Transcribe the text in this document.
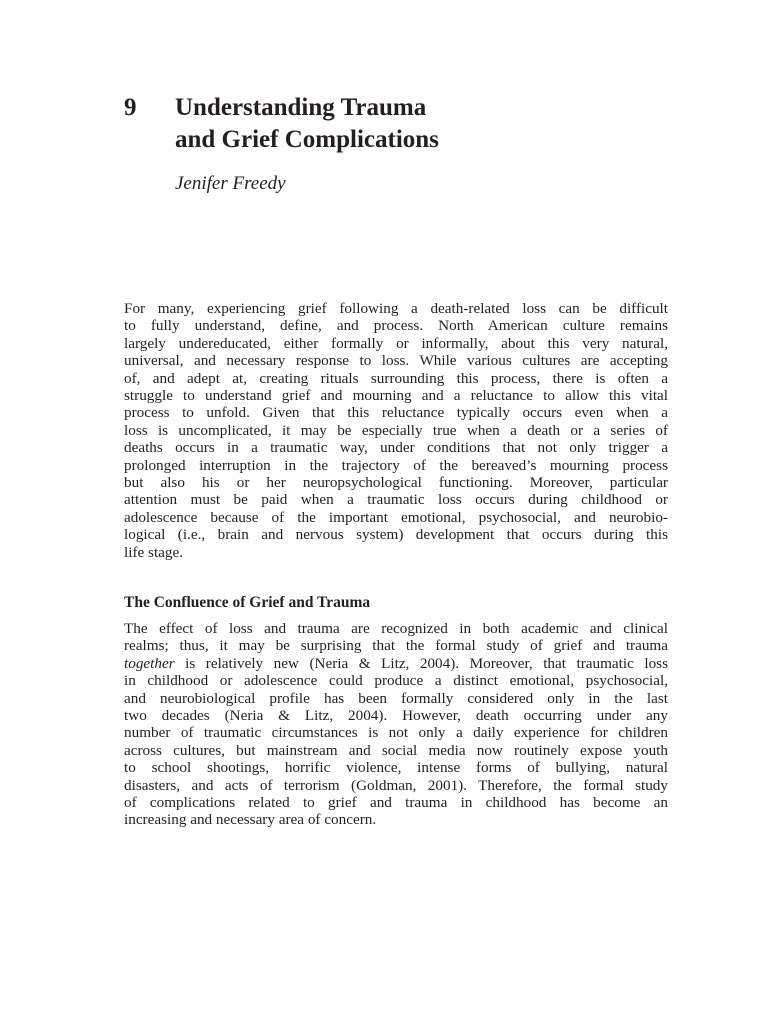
9	Understanding Trauma
and Grief Complications
Jenifer Freedy
For many, experiencing grief following a death-related loss can be difficult
to fully understand, define, and process. North American culture remains
largely undereducated, either formally or informally, about this very natural,
universal, and necessary response to loss. While various cultures are accepting
of, and adept at, creating rituals surrounding this process, there is often a
struggle to understand grief and mourning and a reluctance to allow this vital
process to unfold. Given that this reluctance typically occurs even when a
loss is uncomplicated, it may be especially true when a death or a series of
deaths occurs in a traumatic way, under conditions that not only trigger a
prolonged interruption in the trajectory of the bereaved’s mourning process
but also his or her neuropsychological functioning. Moreover, particular
attention must be paid when a traumatic loss occurs during childhood or
adolescence because of the important emotional, psychosocial, and neurobio-
logical (i.e., brain and nervous system) development that occurs during this
life stage.
The Confluence of Grief and Trauma
The effect of loss and trauma are recognized in both academic and clinical
realms; thus, it may be surprising that the formal study of grief and trauma
together is relatively new (Neria & Litz, 2004). Moreover, that traumatic loss
in childhood or adolescence could produce a distinct emotional, psychosocial,
and neurobiological profile has been formally considered only in the last
two decades (Neria & Litz, 2004). However, death occurring under any
number of traumatic circumstances is not only a daily experience for children
across cultures, but mainstream and social media now routinely expose youth
to school shootings, horrific violence, intense forms of bullying, natural
disasters, and acts of terrorism (Goldman, 2001). Therefore, the formal study
of complications related to grief and trauma in childhood has become an
increasing and necessary area of concern.
